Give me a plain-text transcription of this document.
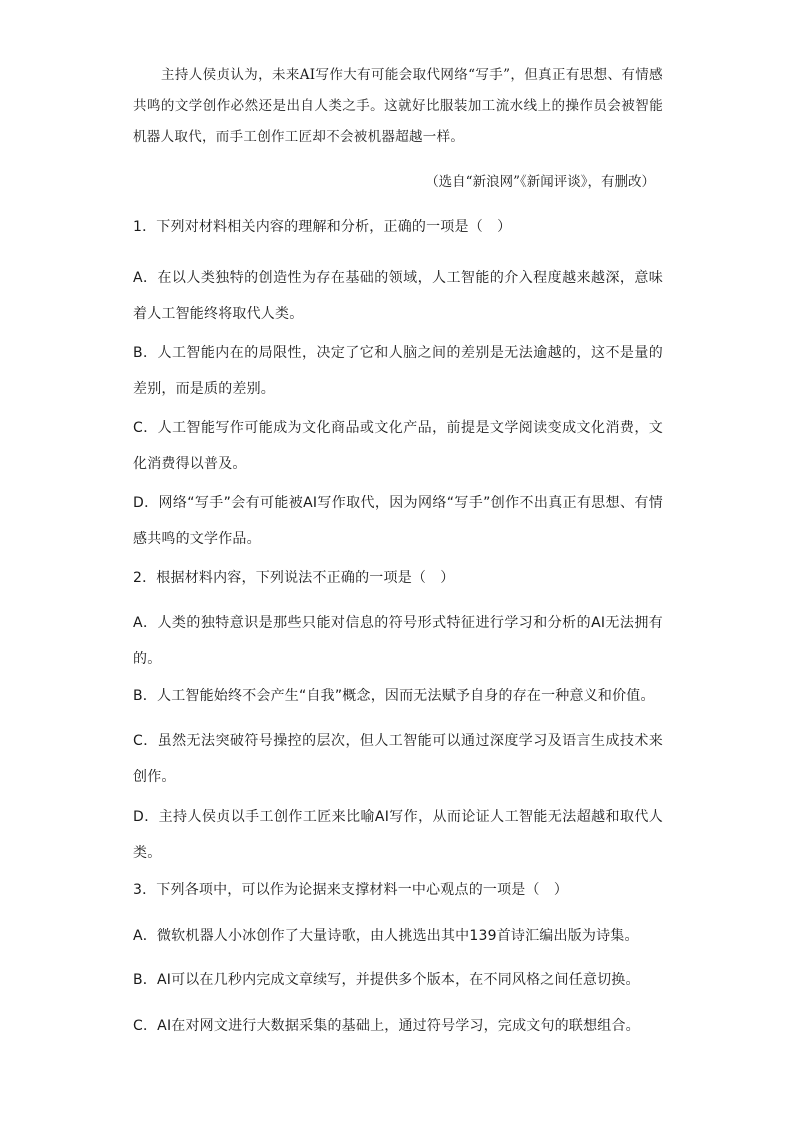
主持人侯贞认为，未来AI写作大有可能会取代网络“写手”，但真正有思想、有情感共鸣的文学创作必然还是出自人类之手。这就好比服装加工流水线上的操作员会被智能机器人取代，而手工创作工匠却不会被机器超越一样。

（选自“新浪网”《新闻评谈》，有删改）

1．下列对材料相关内容的理解和分析，正确的一项是（　）

A．在以人类独特的创造性为存在基础的领域，人工智能的介入程度越来越深，意味着人工智能终将取代人类。

B．人工智能内在的局限性，决定了它和人脑之间的差别是无法逾越的，这不是量的差别，而是质的差别。

C．人工智能写作可能成为文化商品或文化产品，前提是文学阅读变成文化消费，文化消费得以普及。

D．网络“写手”会有可能被AI写作取代，因为网络“写手”创作不出真正有思想、有情感共鸣的文学作品。

2．根据材料内容，下列说法不正确的一项是（　）

A．人类的独特意识是那些只能对信息的符号形式特征进行学习和分析的AI无法拥有的。

B．人工智能始终不会产生“自我”概念，因而无法赋予自身的存在一种意义和价值。

C．虽然无法突破符号操控的层次，但人工智能可以通过深度学习及语言生成技术来创作。

D．主持人侯贞以手工创作工匠来比喻AI写作，从而论证人工智能无法超越和取代人类。

3．下列各项中，可以作为论据来支撑材料一中心观点的一项是（　）

A．微软机器人小冰创作了大量诗歌，由人挑选出其中139首诗汇编出版为诗集。

B．AI可以在几秒内完成文章续写，并提供多个版本，在不同风格之间任意切换。

C．AI在对网文进行大数据采集的基础上，通过符号学习，完成文句的联想组合。
